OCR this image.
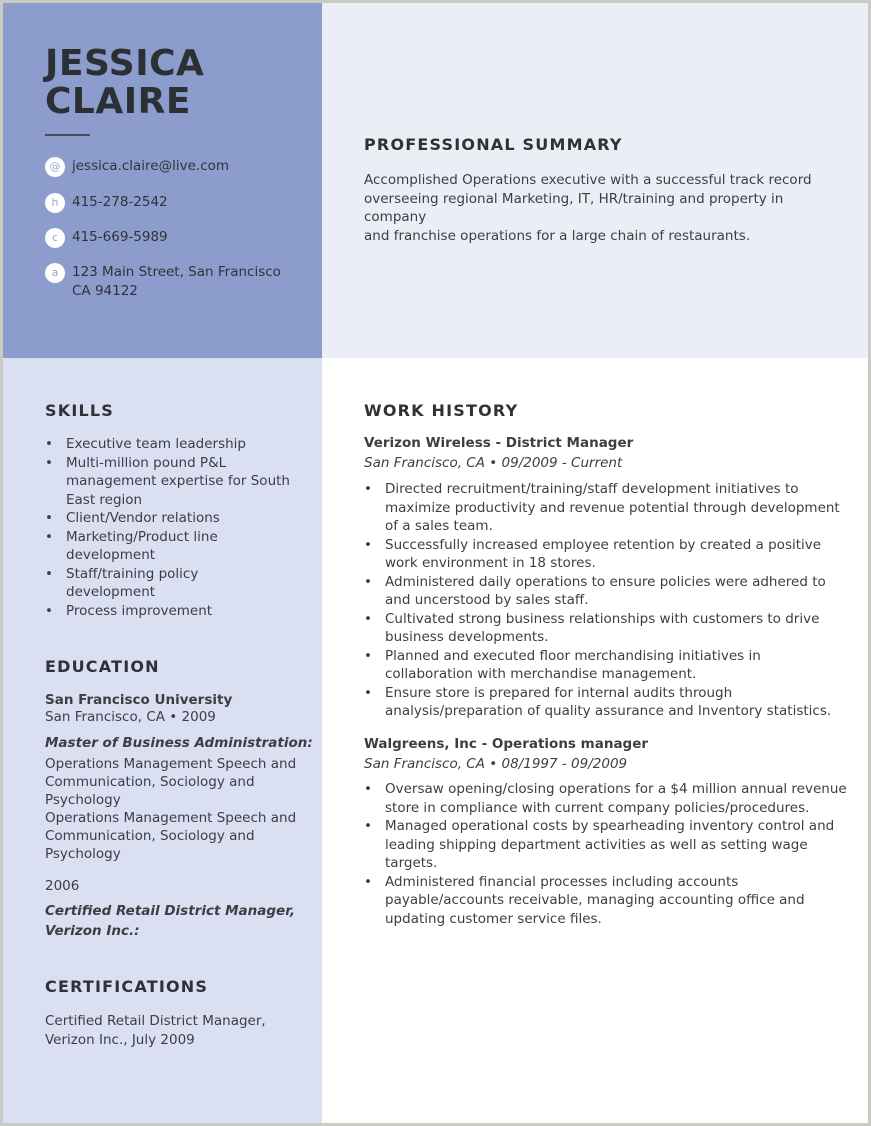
JESSICA
CLAIRE
@ jessica.claire@live.com
h	415-278-2542
c	415-669-5989
a	123 Main Street, San Francisco
CA 94122
PROFESSIONAL SUMMARY
Accomplished Operations executive with a successful track record
overseeing regional Marketing, IT, HR/training and property in company
and franchise operations for a large chain of restaurants.
SKILLS
• Executive team leadership
• Multi-million pound P&L
management expertise for South
East region
• Client/Vendor relations
• Marketing/Product line
development
• Staff/training policy
development
• Process improvement
EDUCATION
San Francisco University
San Francisco, CA • 2009
Master of Business Administration:
Operations Management Speech and
Communication, Sociology and
Psychology
Operations Management Speech and
Communication, Sociology and
Psychology
2006
Certified Retail District Manager,
Verizon Inc.:
CERTIFICATIONS
Certified Retail District Manager,
Verizon Inc., July 2009
WORK HISTORY
Verizon Wireless - District Manager
San Francisco, CA • 09/2009 - Current
• Directed recruitment/training/staff development initiatives to
maximize productivity and revenue potential through development
of a sales team.
• Successfully increased employee retention by created a positive
work environment in 18 stores.
• Administered daily operations to ensure policies were adhered to
and uncerstood by sales staff.
• Cultivated strong business relationships with customers to drive
business developments.
• Planned and executed floor merchandising initiatives in
collaboration with merchandise management.
• Ensure store is prepared for internal audits through
analysis/preparation of quality assurance and Inventory statistics.
Walgreens, Inc - Operations manager
San Francisco, CA • 08/1997 - 09/2009
• Oversaw opening/closing operations for a $4 million annual revenue
store in compliance with current company policies/procedures.
• Managed operational costs by spearheading inventory control and
leading shipping department activities as well as setting wage targets.
• Administered financial processes including accounts
payable/accounts receivable, managing accounting office and
updating customer service files.
